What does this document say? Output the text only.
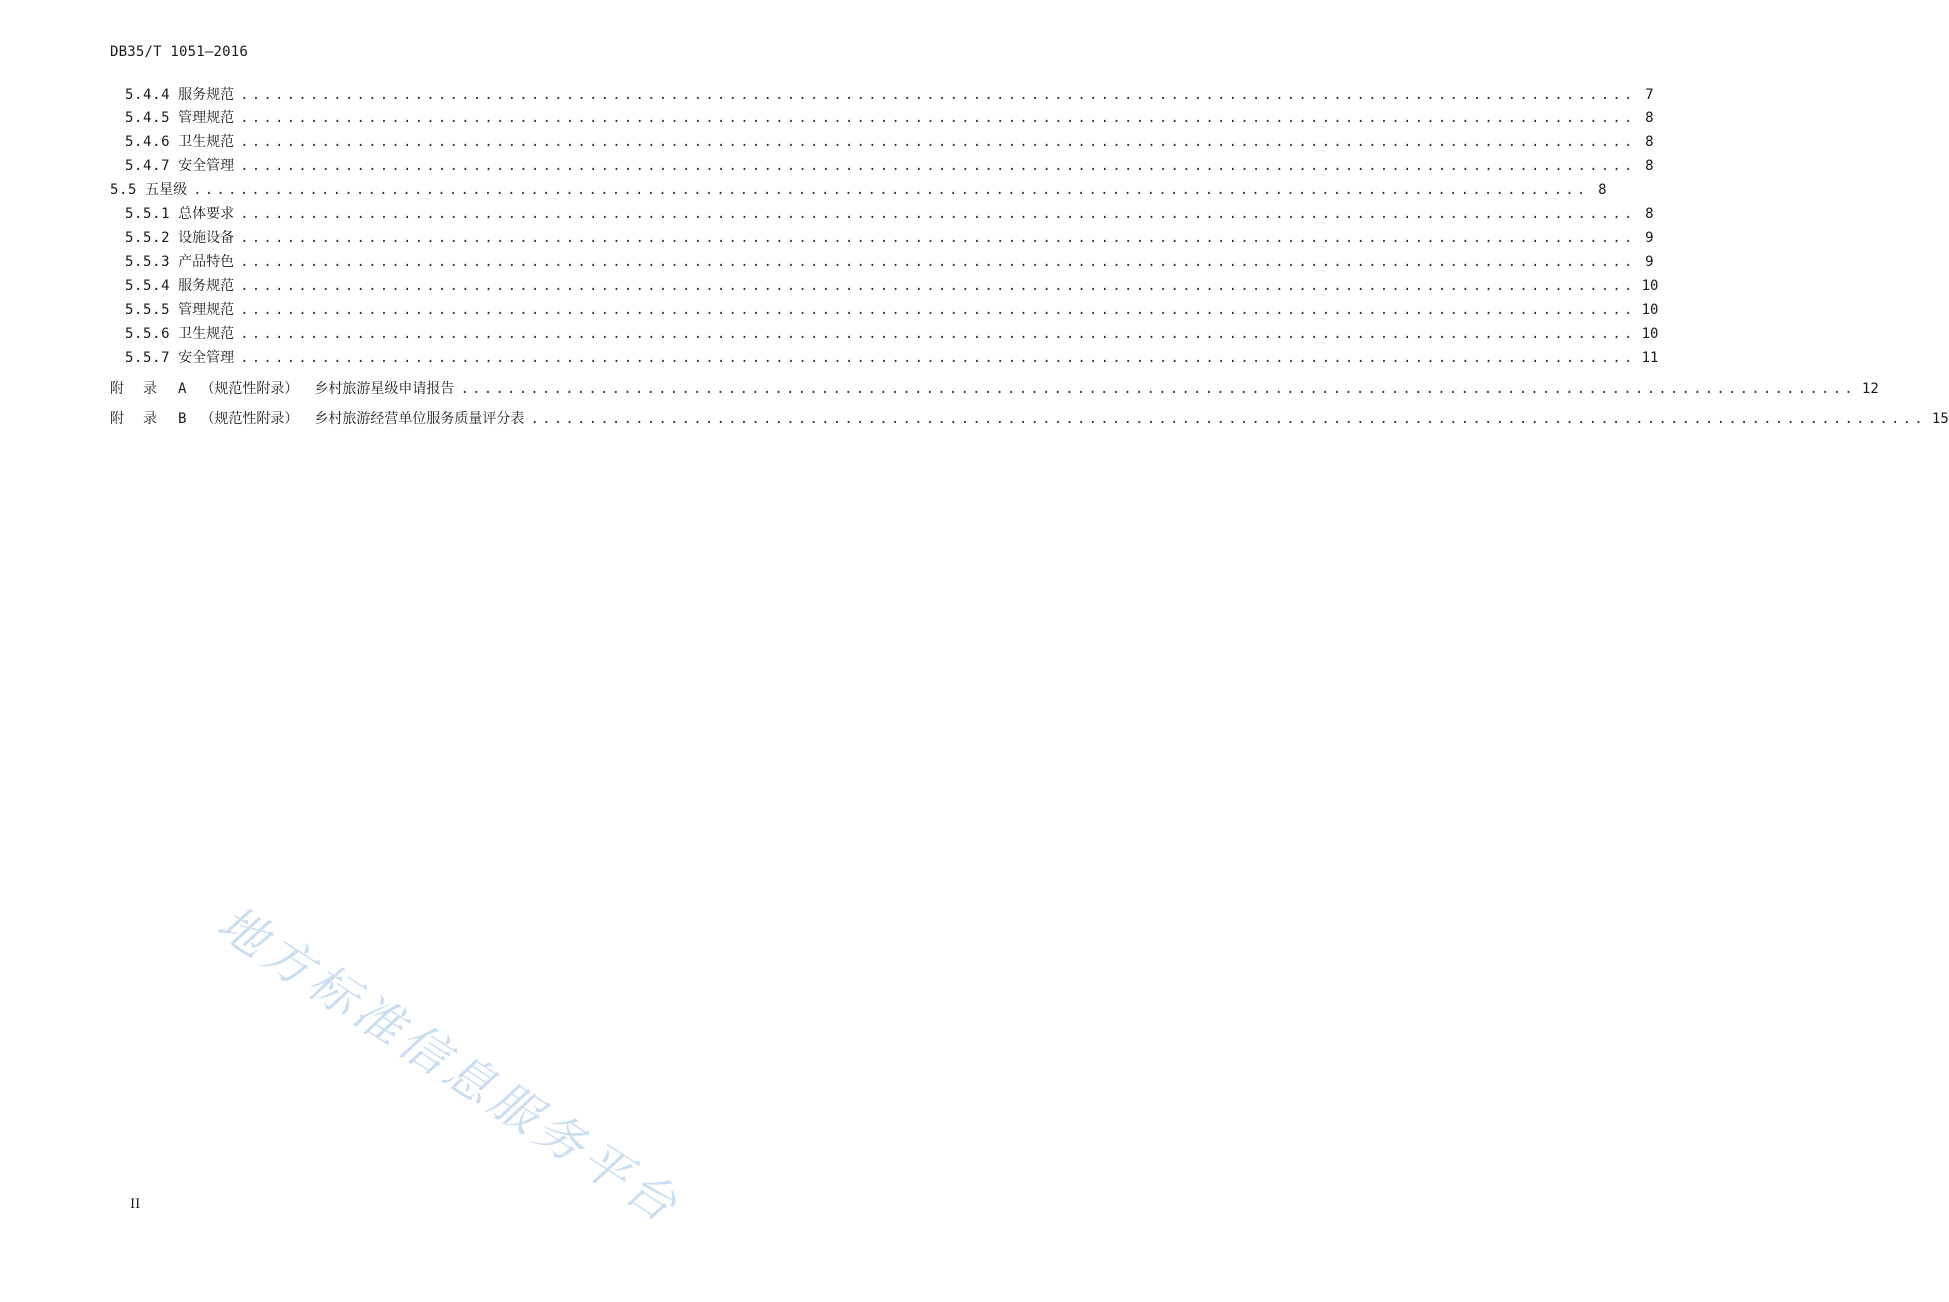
DB35/T 1051—2016
5.4.4 服务规范 ........................................................................................................................ 7
5.4.5 管理规范 ........................................................................................................................ 8
5.4.6 卫生规范 ........................................................................................................................ 8
5.4.7 安全管理 ........................................................................................................................ 8
5.5 五星级 ........................................................................................................................ 8
5.5.1 总体要求 ........................................................................................................................ 8
5.5.2 设施设备 ........................................................................................................................ 9
5.5.3 产品特色 ........................................................................................................................ 9
5.5.4 服务规范 ........................................................................................................................ 10
5.5.5 管理规范 ........................................................................................................................ 10
5.5.6 卫生规范 ........................................................................................................................ 10
5.5.7 安全管理 ........................................................................................................................ 11
附录 A （规范性附录） 乡村旅游星级申请报告 ........................................................................................................................ 12
附录 B （规范性附录） 乡村旅游经营单位服务质量评分表 ........................................................................................................................ 15
地方标准信息服务平台
II
